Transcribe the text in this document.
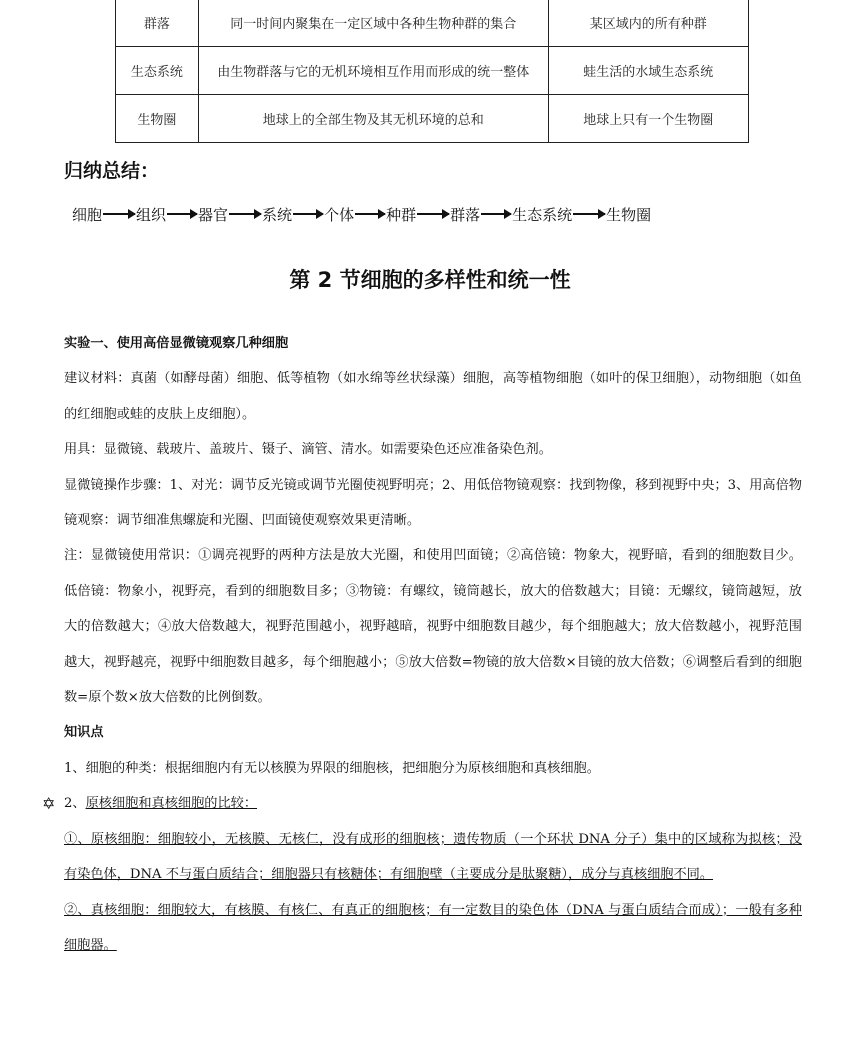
群落	同一时间内聚集在一定区域中各种生物种群的集合	某区域内的所有种群
生态系统	由生物群落与它的无机环境相互作用而形成的统一整体	蛙生活的水域生态系统
生物圈	地球上的全部生物及其无机环境的总和	地球上只有一个生物圈
归纳总结：
细胞 组织 器官 系统 个体 种群 群落 生态系统 生物圈
第 2 节细胞的多样性和统一性

实验一、使用高倍显微镜观察几种细胞

建议材料：真菌（如酵母菌）细胞、低等植物（如水绵等丝状绿藻）细胞，高等植物细胞（如叶的保卫细胞），动物细胞（如鱼的红细胞或蛙的皮肤上皮细胞）。

用具：显微镜、载玻片、盖玻片、镊子、滴管、清水。如需要染色还应准备染色剂。

显微镜操作步骤：1、对光：调节反光镜或调节光圈使视野明亮；2、用低倍物镜观察：找到物像，移到视野中央；3、用高倍物镜观察：调节细准焦螺旋和光圈、凹面镜使观察效果更清晰。

注：显微镜使用常识：①调亮视野的两种方法是放大光圈，和使用凹面镜；②高倍镜：物象大，视野暗，看到的细胞数目少。低倍镜：物象小，视野亮，看到的细胞数目多；③物镜：有螺纹，镜筒越长，放大的倍数越大；目镜：无螺纹，镜筒越短，放大的倍数越大；④放大倍数越大，视野范围越小，视野越暗，视野中细胞数目越少，每个细胞越大；放大倍数越小，视野范围越大，视野越亮，视野中细胞数目越多，每个细胞越小；⑤放大倍数=物镜的放大倍数×目镜的放大倍数；⑥调整后看到的细胞数=原个数×放大倍数的比例倒数。

知识点

1、细胞的种类：根据细胞内有无以核膜为界限的细胞核，把细胞分为原核细胞和真核细胞。

✡ 2、原核细胞和真核细胞的比较：

①、原核细胞：细胞较小，无核膜、无核仁，没有成形的细胞核；遗传物质（一个环状 DNA 分子）集中的区域称为拟核；没有染色体，DNA 不与蛋白质结合；细胞器只有核糖体；有细胞壁（主要成分是肽聚糖），成分与真核细胞不同。

②、真核细胞：细胞较大，有核膜、有核仁、有真正的细胞核；有一定数目的染色体（DNA 与蛋白质结合而成）；一般有多种细胞器。
